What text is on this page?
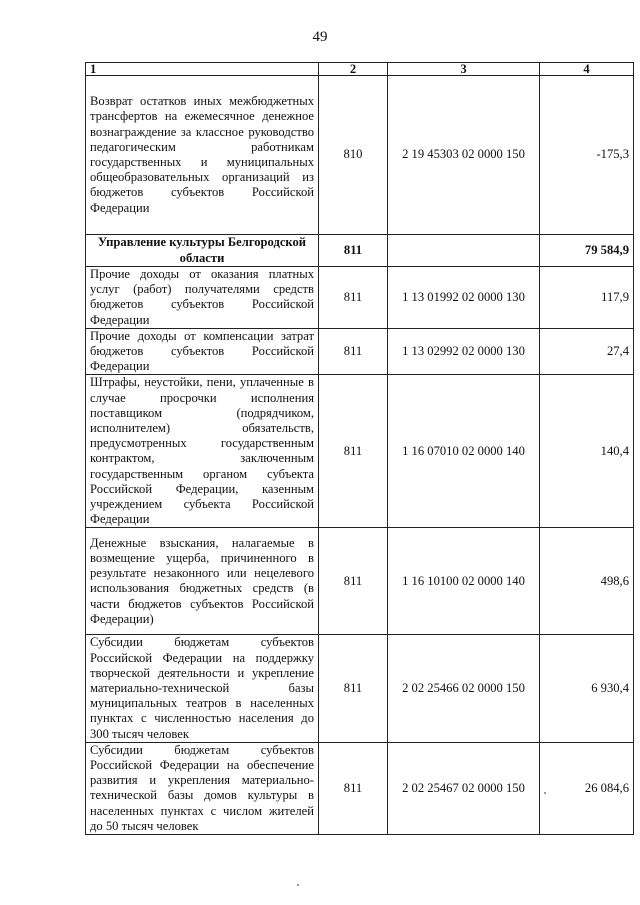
49
1	2	3	4
Возврат остатков иных межбюджетных трансфертов на ежемесячное денежное вознаграждение за классное руководство педагогическим работникам государственных и муниципальных общеобразовательных организаций из бюджетов субъектов Российской Федерации	810	2 19 45303 02 0000 150	-175,3
Управление культуры Белгородской области	811		79 584,9
Прочие доходы от оказания платных услуг (работ) получателями средств бюджетов субъектов Российской Федерации	811	1 13 01992 02 0000 130	117,9
Прочие доходы от компенсации затрат бюджетов субъектов Российской Федерации	811	1 13 02992 02 0000 130	27,4
Штрафы, неустойки, пени, уплаченные в случае просрочки исполнения поставщиком (подрядчиком, исполнителем) обязательств, предусмотренных государственным контрактом, заключенным государственным органом субъекта Российской Федерации, казенным учреждением субъекта Российской Федерации	811	1 16 07010 02 0000 140	140,4
Денежные взыскания, налагаемые в возмещение ущерба, причиненного в результате незаконного или нецелевого использования бюджетных средств (в части бюджетов субъектов Российской Федерации)	811	1 16 10100 02 0000 140	498,6
Субсидии бюджетам субъектов Российской Федерации на поддержку творческой деятельности и укрепление материально-технической базы муниципальных театров в населенных пунктах с численностью населения до 300 тысяч человек	811	2 02 25466 02 0000 150	6 930,4
Субсидии бюджетам субъектов Российской Федерации на обеспечение развития и укрепления материально-технической базы домов культуры в населенных пунктах с числом жителей до 50 тысяч человек	811	2 02 25467 02 0000 150	26 084,6
